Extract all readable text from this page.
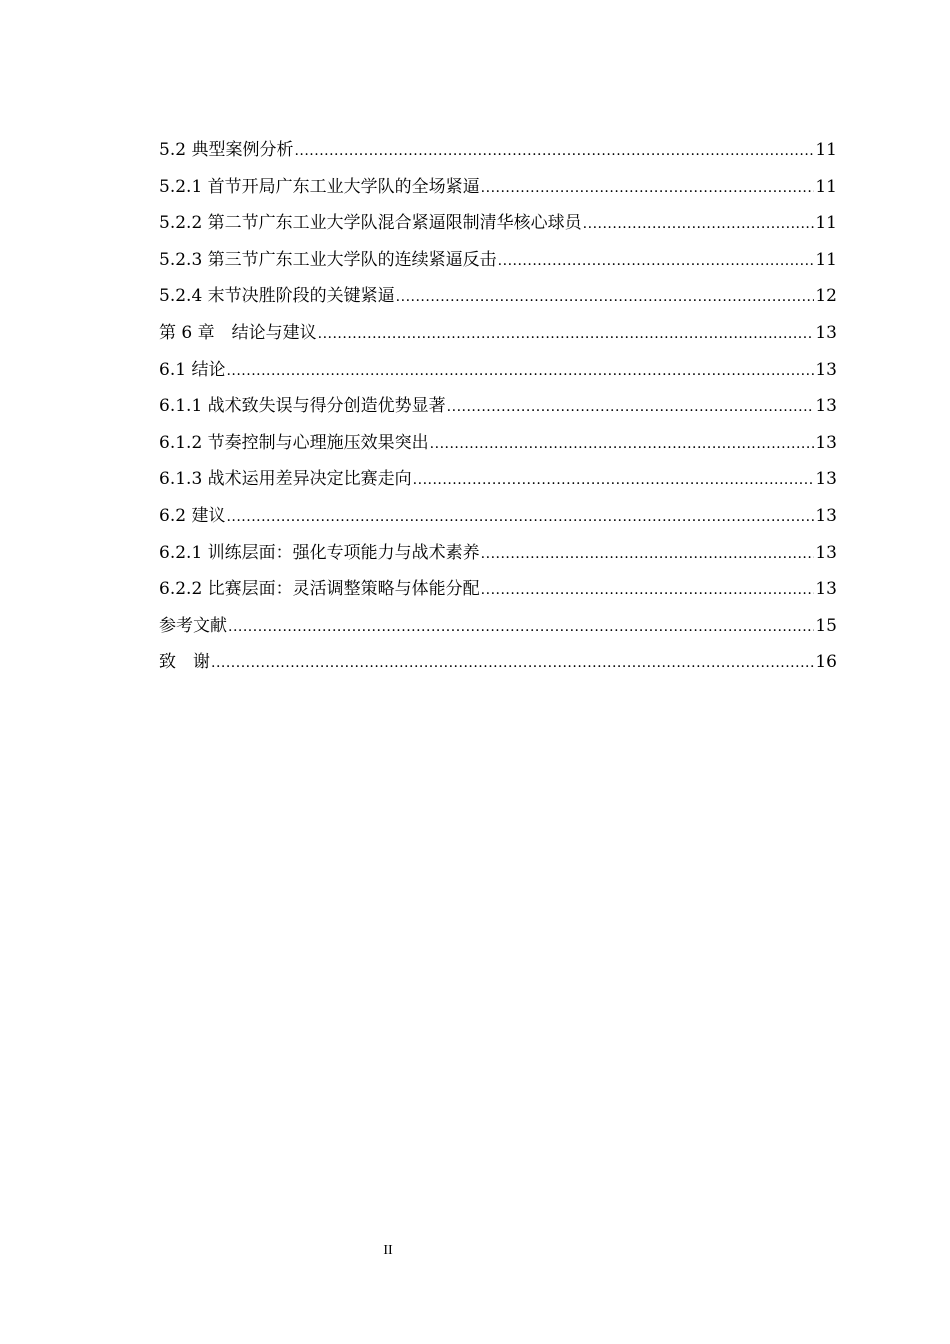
5.2 典型案例分析 .....	11
5.2.1 首节开局广东工业大学队的全场紧逼 .....	11
5.2.2 第二节广东工业大学队混合紧逼限制清华核心球员 .....	11
5.2.3 第三节广东工业大学队的连续紧逼反击 .....	11
5.2.4 末节决胜阶段的关键紧逼 .....	12
第 6 章　结论与建议 .....	13
6.1 结论 .....	13
6.1.1 战术致失误与得分创造优势显著 .....	13
6.1.2 节奏控制与心理施压效果突出 .....	13
6.1.3 战术运用差异决定比赛走向 .....	13
6.2 建议 .....	13
6.2.1 训练层面：强化专项能力与战术素养 .....	13
6.2.2 比赛层面：灵活调整策略与体能分配 .....	13
参考文献 .....	15
致　谢 .....	16
II
